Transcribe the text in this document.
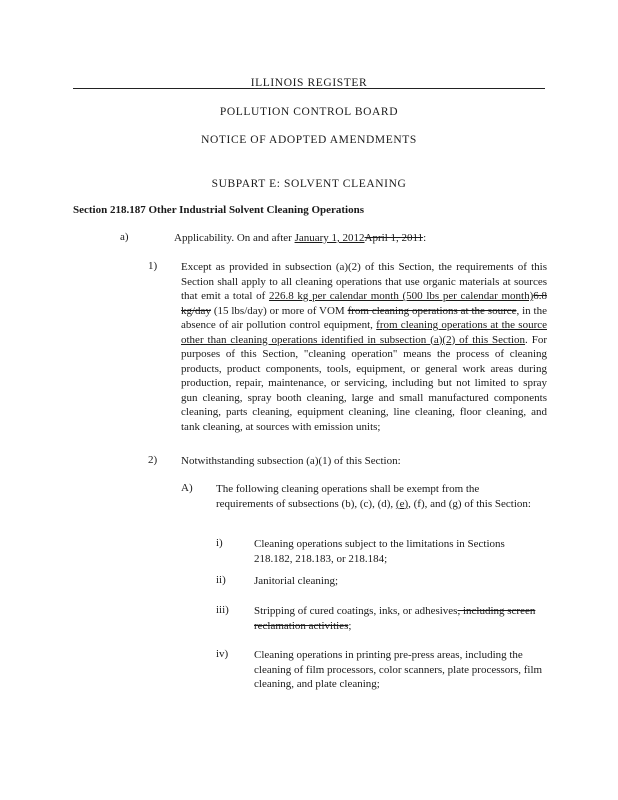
ILLINOIS REGISTER
POLLUTION CONTROL BOARD
NOTICE OF ADOPTED AMENDMENTS
SUBPART E: SOLVENT CLEANING
Section 218.187 Other Industrial Solvent Cleaning Operations
a)	Applicability. On and after January 1, 2012April 1, 2011:
1) Except as provided in subsection (a)(2) of this Section, the requirements of this Section shall apply to all cleaning operations that use organic materials at sources that emit a total of 226.8 kg per calendar month (500 lbs per calendar month)6.8 kg/day (15 lbs/day) or more of VOM from cleaning operations at the source, in the absence of air pollution control equipment, from cleaning operations at the source other than cleaning operations identified in subsection (a)(2) of this Section. For purposes of this Section, "cleaning operation" means the process of cleaning products, product components, tools, equipment, or general work areas during production, repair, maintenance, or servicing, including but not limited to spray gun cleaning, spray booth cleaning, large and small manufactured components cleaning, parts cleaning, equipment cleaning, line cleaning, floor cleaning, and tank cleaning, at sources with emission units;
2) Notwithstanding subsection (a)(1) of this Section:
A) The following cleaning operations shall be exempt from the requirements of subsections (b), (c), (d), (e), (f), and (g) of this Section:
i)	Cleaning operations subject to the limitations in Sections 218.182, 218.183, or 218.184;
ii)	Janitorial cleaning;
iii) Stripping of cured coatings, inks, or adhesives, including screen reclamation activities;
iv) Cleaning operations in printing pre-press areas, including the cleaning of film processors, color scanners, plate processors, film cleaning, and plate cleaning;
